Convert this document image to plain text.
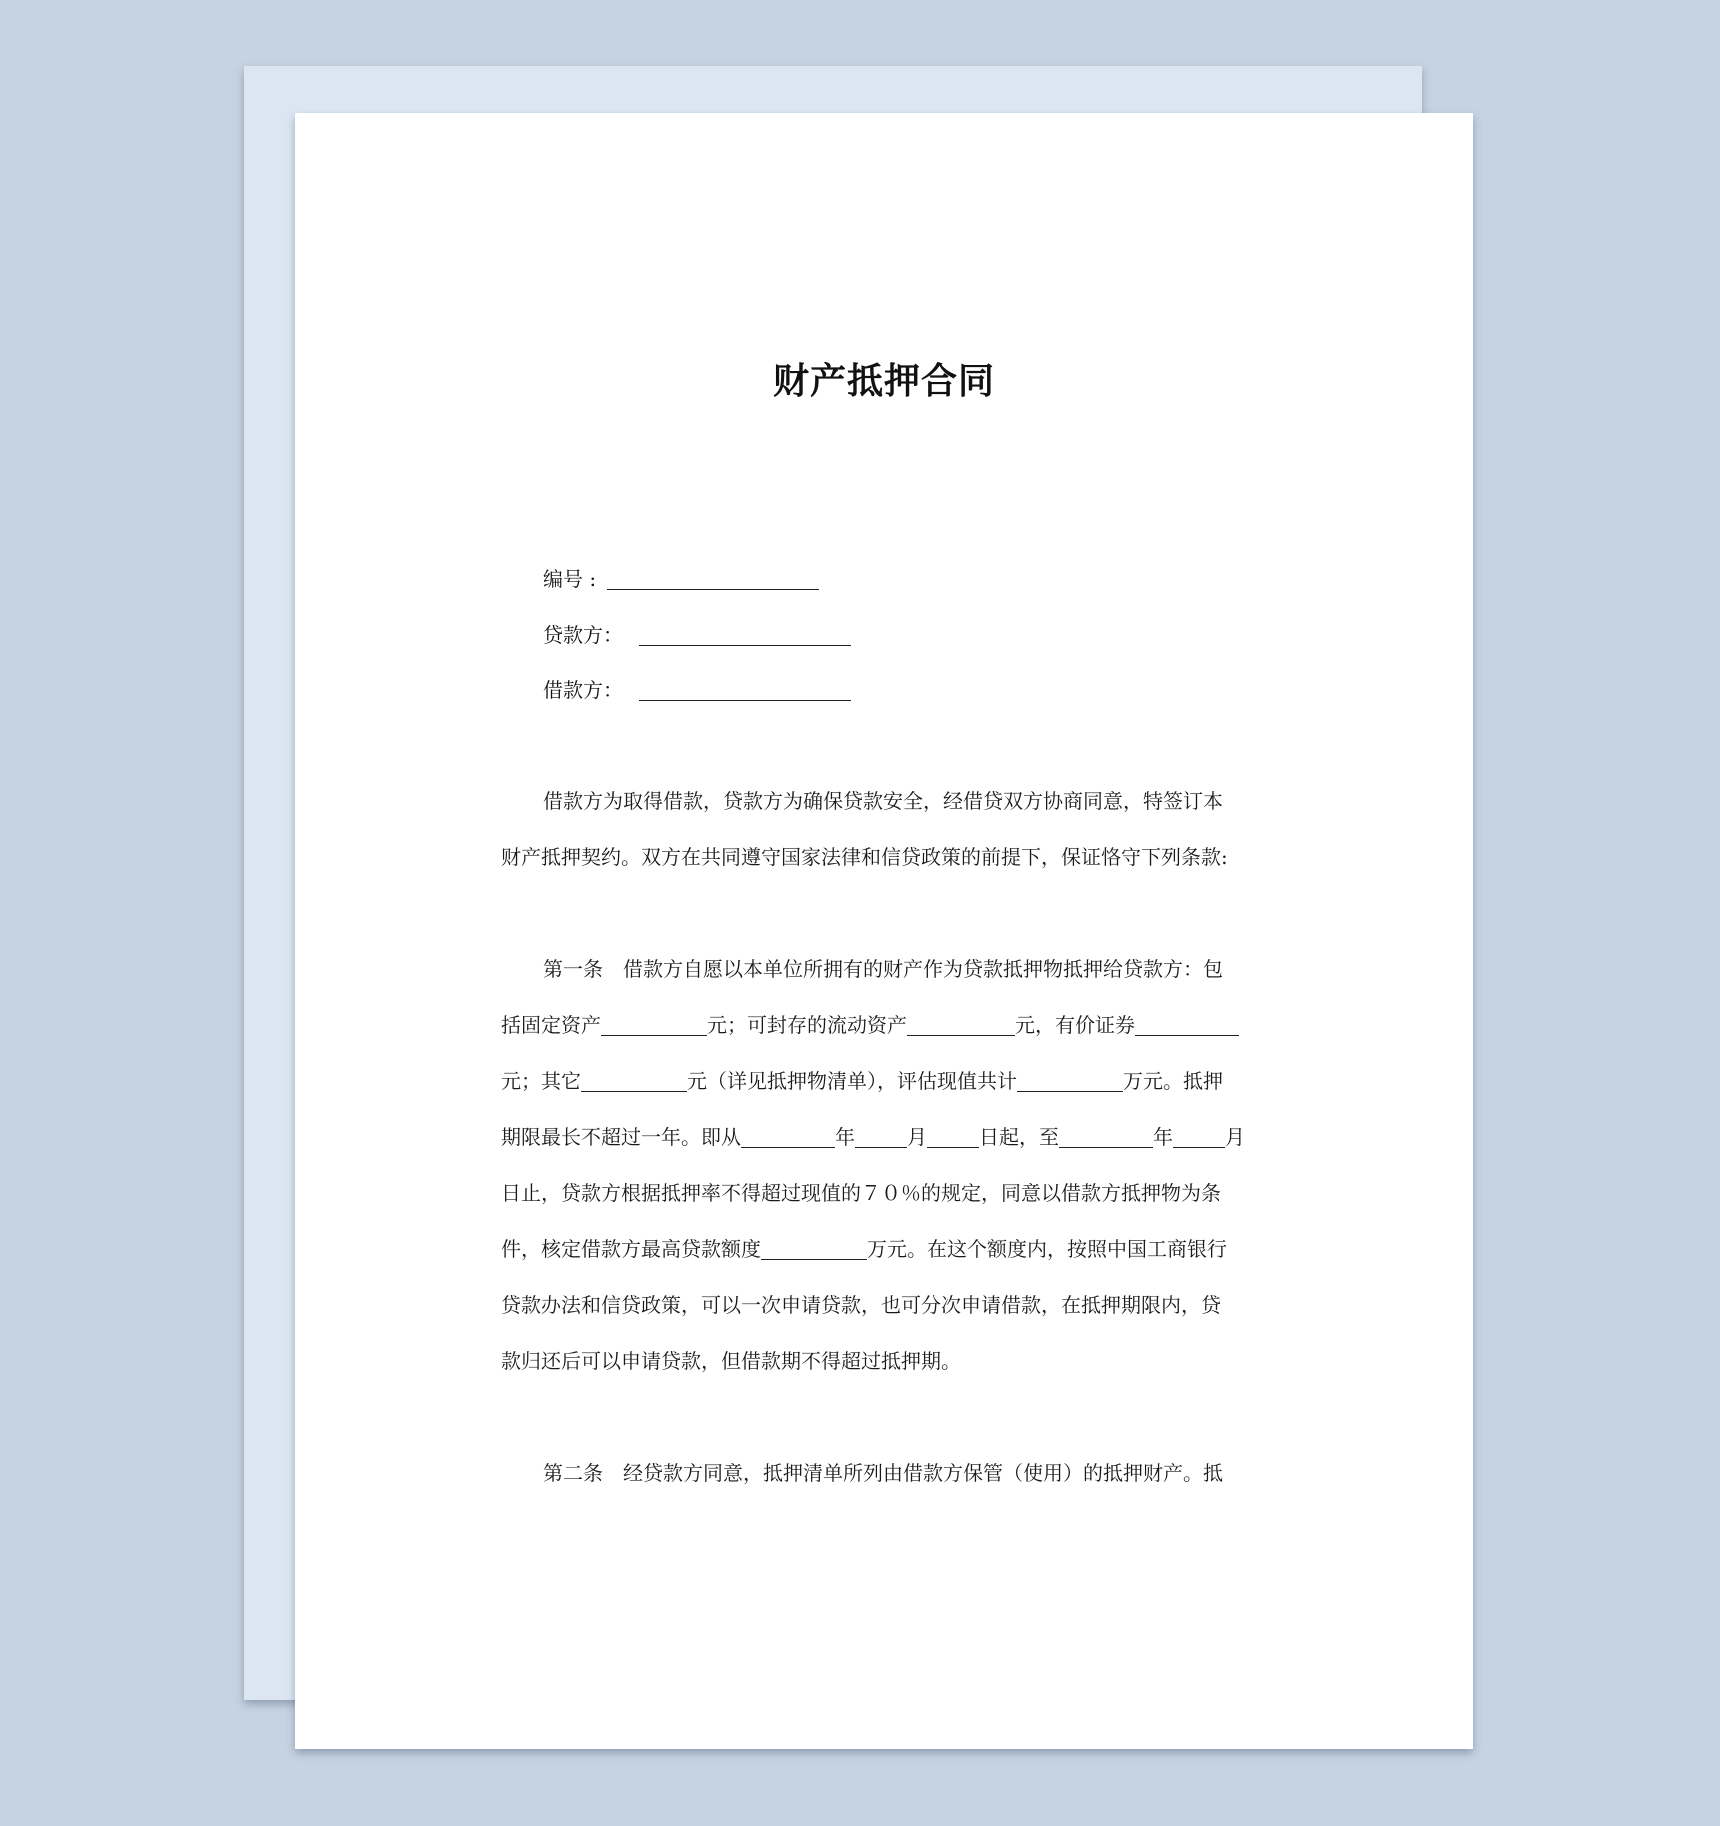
财产抵押合同
编号 :
贷款方：
借款方：
借款方为取得借款，贷款方为确保贷款安全，经借贷双方协商同意，特签订本
财产抵押契约。双方在共同遵守国家法律和信贷政策的前提下，保证恪守下列条款:
第一条　借款方自愿以本单位所拥有的财产作为贷款抵押物抵押给贷款方：包
括固定资产	元；可封存的流动资产	元，有价证券
元；其它	元（详见抵押物清单），评估现值共计	万元。抵押
期限最长不超过一年。即从	年	月	日起，至	年	月
日止，贷款方根据抵押率不得超过现值的７０％的规定，同意以借款方抵押物为条
件，核定借款方最高贷款额度	万元。在这个额度内，按照中国工商银行
贷款办法和信贷政策，可以一次申请贷款，也可分次申请借款，在抵押期限内，贷
款归还后可以申请贷款，但借款期不得超过抵押期。
第二条　经贷款方同意，抵押清单所列由借款方保管（使用）的抵押财产。抵
